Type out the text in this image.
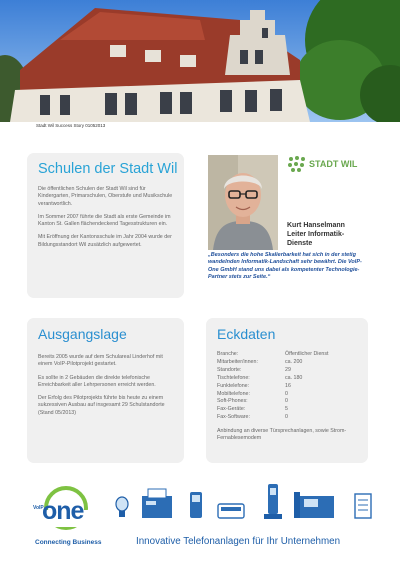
Stadt Wil Success Story 01052013
Schulen der Stadt Wil

Die öffentlichen Schulen der Stadt Wil sind für Kindergarten, Primarschulen, Oberstufe und Musikschule verantwortlich.

Im Sommer 2007 führte die Stadt als erste Gemeinde im Kanton St. Gallen flächendeckend Tagesstrukturen ein.

Mit Eröffnung der Kantonsschule im Jahr 2004 wurde der Bildungsstandort Wil zusätzlich aufgewertet.

STADT WIL
Kurt Hanselmann
Leiter Informatik-
Dienste
„Besonders die hohe Skalierbarkeit hat sich in der stetig wandelnden Informatik-Landschaft sehr bewährt. Die VoIP-One GmbH stand uns dabei als kompetenter Technologie-Partner stets zur Seite.“
Ausgangslage

Bereits 2005 wurde auf dem Schulareal Linderhof mit einem VoIP-Pilotprojekt gestartet.

Es sollte in 2 Gebäuden die direkte telefonische Erreichbarkeit aller Lehrpersonen erreicht werden.

Der Erfolg des Pilotprojekts führte bis heute zu einem sukzessiven Ausbau auf insgesamt 29 Schulstandorte (Stand 05/2013)

Eckdaten
Branche:	Öffentlicher Dienst
Mitarbeiter/innen:	ca. 200
Standorte:	29
Tischtelefone:	ca. 180
Funktelefone:	16
Mobiltelefone:	0
Soft-Phones:	0
Fax-Geräte:	5
Fax-Software:	0

Anbindung an diverse Türsprechanlagen, sowie Strom-Fernablesemodem

VoIP
one
Connecting Business	Innovative Telefonanlagen für Ihr Unternehmen
